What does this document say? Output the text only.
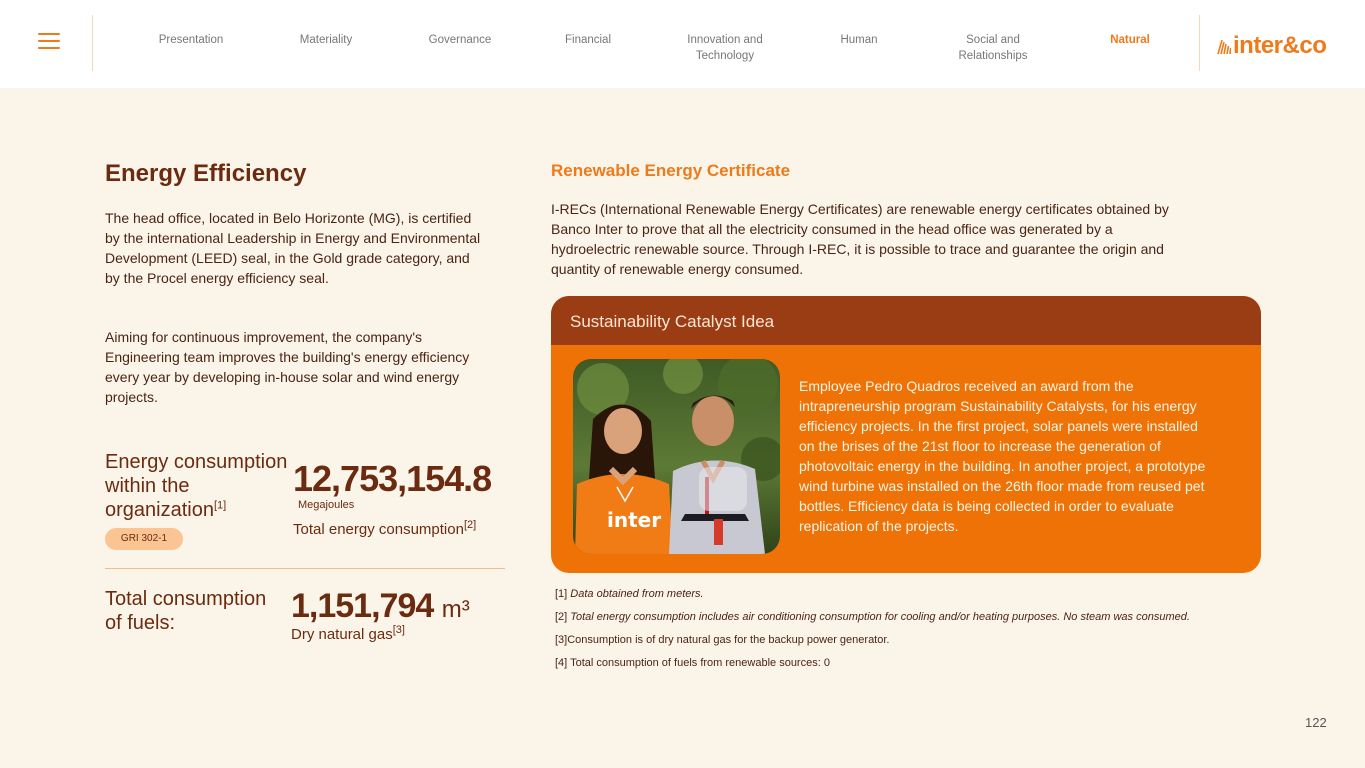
Presentation	Materiality	Governance	Financial	Innovation and
Technology
Human	Social and
Relationships
Natural	inter&co
Energy Efficiency

The head office, located in Belo Horizonte (MG), is certified by the international Leadership in Energy and Environmental Development (LEED) seal, in the Gold grade category, and by the Procel energy efficiency seal.

Aiming for continuous improvement, the company's Engineering team improves the building's energy efficiency every year by developing in-house solar and wind energy projects.

Energy consumption within the organization[1]
GRI 302-1
12,753,154.8
Megajoules
Total energy consumption[2]
Total consumption of fuels:	1,151,794 m³
Dry natural gas[3]
Renewable Energy Certificate

I-RECs (International Renewable Energy Certificates) are renewable energy certificates obtained by Banco Inter to prove that all the electricity consumed in the head office was generated by a hydroelectric renewable source. Through I-REC, it is possible to trace and guarantee the origin and quantity of renewable energy consumed.

Sustainability Catalyst Idea
inter

Employee Pedro Quadros received an award from the intrapreneurship program Sustainability Catalysts, for his energy efficiency projects. In the first project, solar panels were installed on the brises of the 21st floor to increase the generation of photovoltaic energy in the building. In another project, a prototype wind turbine was installed on the 26th floor made from reused pet bottles. Efficiency data is being collected in order to evaluate replication of the projects.

[1] Data obtained from meters.
[2] Total energy consumption includes air conditioning consumption for cooling and/or heating purposes. No steam was consumed.
[3]Consumption is of dry natural gas for the backup power generator.
[4] Total consumption of fuels from renewable sources: 0
122
